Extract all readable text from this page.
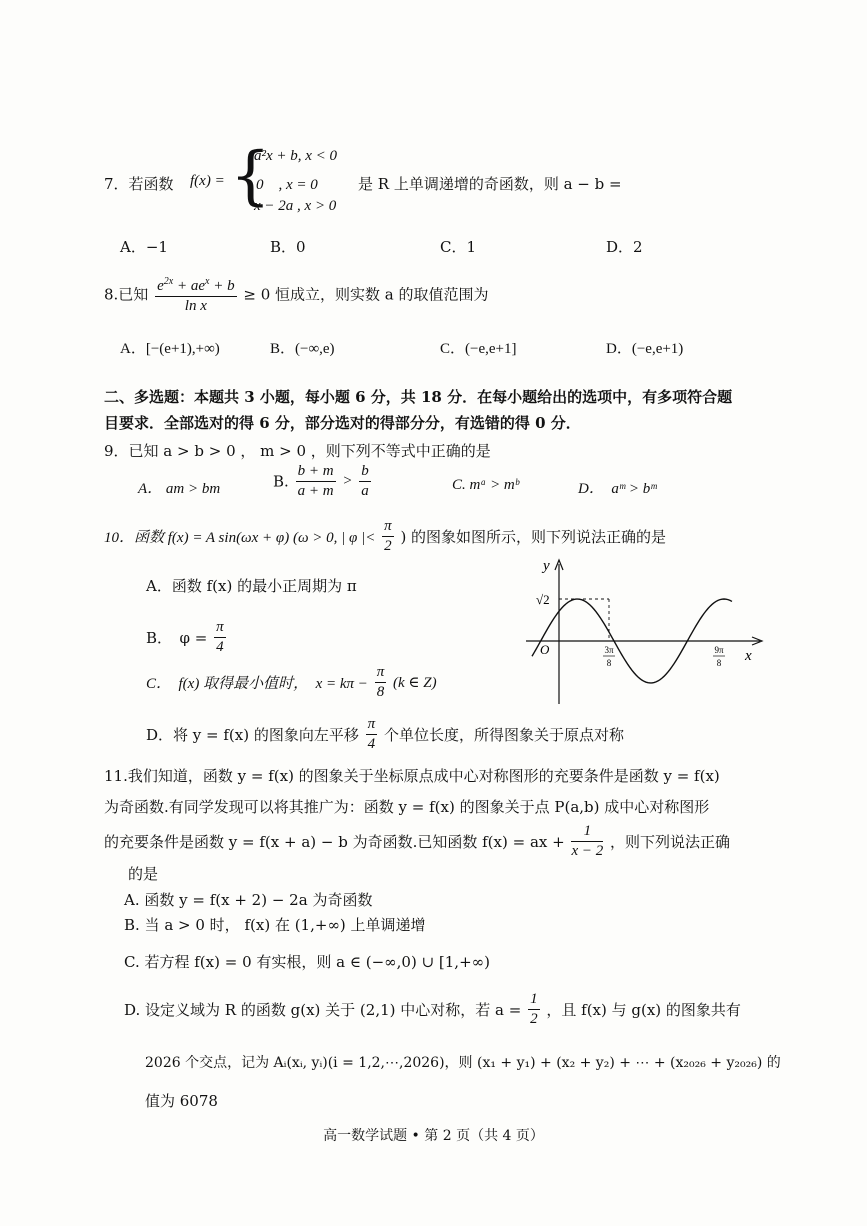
7．若函数 f(x) = {
a²x + b, x < 0
0　, x = 0
x − 2a , x > 0
是 R 上单调递增的奇函数，则 a − b =
A．−1	B．0	C．1	D．2
8.已知 $\frac{e^{2x} + ae^x + b}{\text{ln x}} \ge 0$ 恒成立，则实数 a 的取值范围为
A．[−(e+1),+∞)	B．(−∞,e)	C．(−e,e+1]	D．(−e,e+1)
二、多选题：本题共 3 小题，每小题 6 分，共 18 分．在每小题给出的选项中，有多项符合题
目要求．全部选对的得 6 分，部分选对的得部分分，有选错的得 0 分．
9．已知 a > b > 0 ， m > 0 ，则下列不等式中正确的是
A． am > bm	B. $\frac{b + m}{a + m} > \frac{b}{a}$	C. mᵃ > mᵇ	D．　aᵐ > bᵐ
10．函数 f(x) = A sin(ωx + φ) (ω > 0, | φ |< $\frac{\pi}{2}$ ) 的图象如图所示，则下列说法正确的是
A．函数 f(x) 的最小正周期为 π
B．　$\varphi = \frac{\pi}{4}$
C．　f(x) 取得最小值时，　$x = k\pi - \frac{\pi}{8} (k$ ∈ Z)
D．将 y = f(x) 的图象向左平移 $\frac{\pi}{4}$ 个单位长度，所得图象关于原点对称
y
x
O
√2
3π
8
9π
8
11.我们知道，函数 y = f(x) 的图象关于坐标原点成中心对称图形的充要条件是函数 y = f(x)
为奇函数.有同学发现可以将其推广为：函数 y = f(x) 的图象关于点 P(a,b) 成中心对称图形
的充要条件是函数 y = f(x + a) − b 为奇函数.已知函数 f(x) = ax + $\frac{1}{x - 2}$ ，则下列说法正确
的是
A. 函数 y = f(x + 2) − 2a 为奇函数
B. 当 a > 0 时， f(x) 在 (1,+∞) 上单调递增
C. 若方程 f(x) = 0 有实根，则 a ∈ (−∞,0) ∪ [1,+∞)
D. 设定义域为 R 的函数 g(x) 关于 (2,1) 中心对称，若 $a = \frac{1}{2}$ ，且 f(x) 与 g(x) 的图象共有
2026 个交点，记为 Aᵢ(xᵢ, yᵢ)(i = 1,2,⋯,2026)，则 (x₁ + y₁) + (x₂ + y₂) + ⋯ + (x₂₀₂₆ + y₂₀₂₆) 的
值为 6078
高一数学试题 • 第 2 页（共 4 页）
